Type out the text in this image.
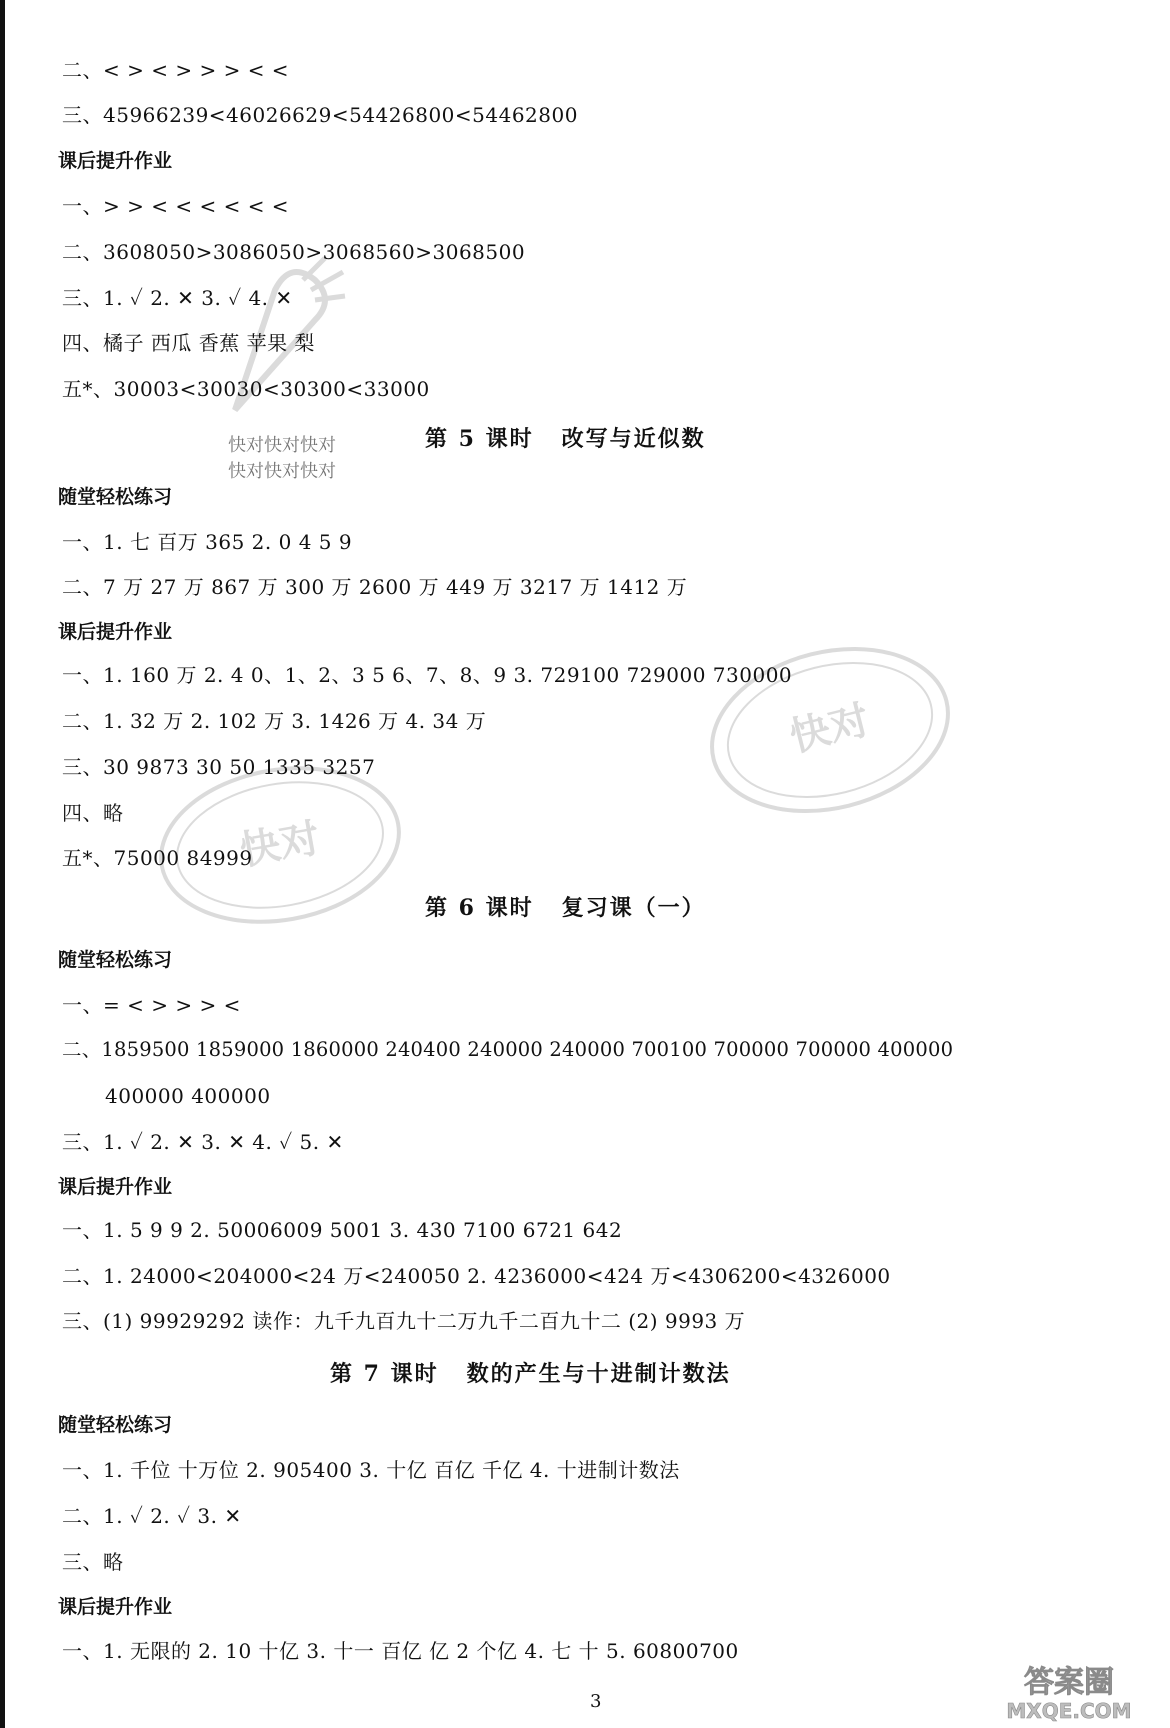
快对
快对
二、< > < > > > < <
三、45966239<46026629<54426800<54462800
课后提升作业
一、> > < < < < < <
二、3608050>3086050>3068560>3068500
三、1. ✓ 2. ✕ 3. ✓ 4. ✕
四、橘子 西瓜 香蕉 苹果 梨
五*、30003<30030<30300<33000
第 5 课时 改写与近似数
快对快对快对
快对快对快对
随堂轻松练习
一、1. 七 百万 365 2. 0 4 5 9
二、7 万 27 万 867 万 300 万 2600 万 449 万 3217 万 1412 万
课后提升作业
一、1. 160 万 2. 4 0、1、2、3 5 6、7、8、9 3. 729100 729000 730000
二、1. 32 万 2. 102 万 3. 1426 万 4. 34 万
三、30 9873 30 50 1335 3257
四、略
五*、75000 84999
第 6 课时 复习课（一）
随堂轻松练习
一、= < > > > <
二、1859500 1859000 1860000 240400 240000 240000 700100 700000 700000 400000
400000 400000
三、1. ✓ 2. ✕ 3. ✕ 4. ✓ 5. ✕
课后提升作业
一、1. 5 9 9 2. 50006009 5001 3. 430 7100 6721 642
二、1. 24000<204000<24 万<240050 2. 4236000<424 万<4306200<4326000
三、(1) 99929292 读作：九千九百九十二万九千二百九十二 (2) 9993 万
第 7 课时 数的产生与十进制计数法
随堂轻松练习
一、1. 千位 十万位 2. 905400 3. 十亿 百亿 千亿 4. 十进制计数法
二、1. ✓ 2. ✓ 3. ✕
三、略
课后提升作业
一、1. 无限的 2. 10 十亿 3. 十一 百亿 亿 2 个亿 4. 七 十 5. 60800700
3
答案圈
MXQE.COM
